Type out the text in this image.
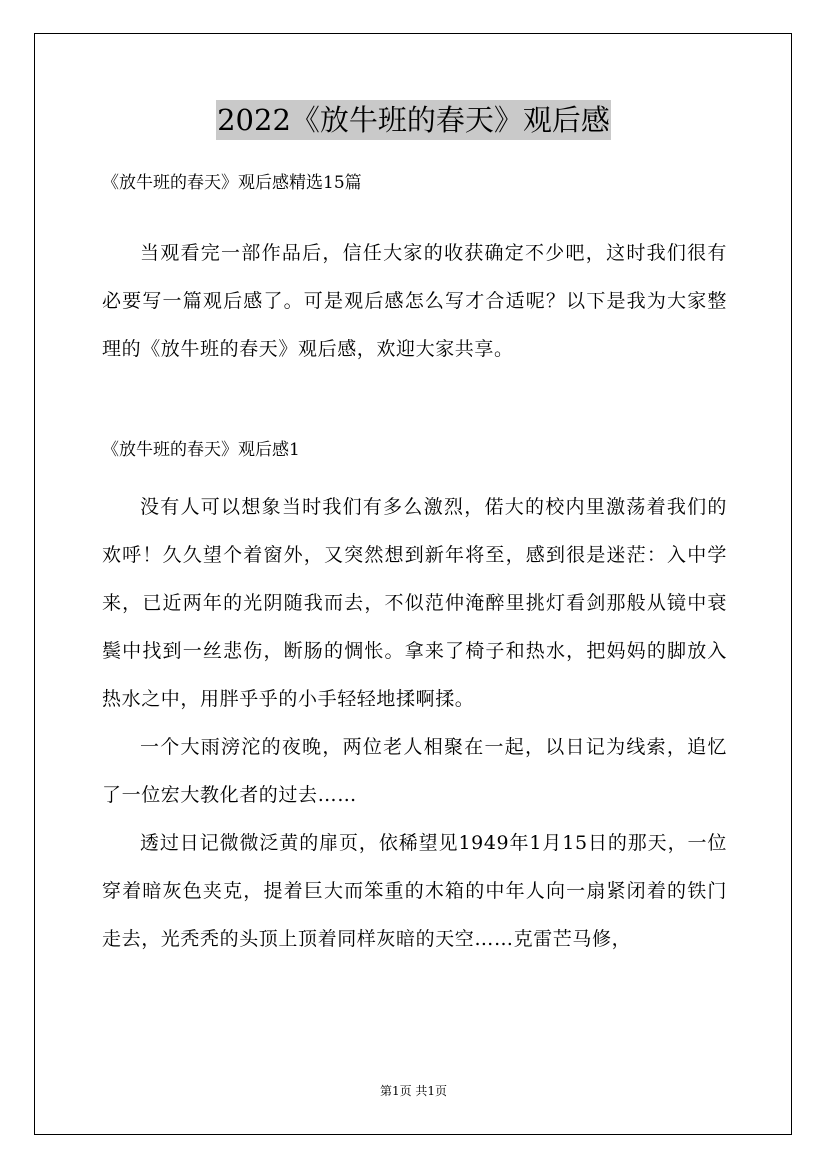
2022《放牛班的春天》观后感

《放牛班的春天》观后感精选15篇

当观看完一部作品后，信任大家的收获确定不少吧，这时我们很有必要写一篇观后感了。可是观后感怎么写才合适呢？以下是我为大家整理的《放牛班的春天》观后感，欢迎大家共享。

《放牛班的春天》观后感1

没有人可以想象当时我们有多么激烈，偌大的校内里激荡着我们的欢呼！久久望个着窗外，又突然想到新年将至，感到很是迷茫：入中学来，已近两年的光阴随我而去，不似范仲淹醉里挑灯看剑那般从镜中衰鬓中找到一丝悲伤，断肠的惆怅。拿来了椅子和热水，把妈妈的脚放入热水之中，用胖乎乎的小手轻轻地揉啊揉。

一个大雨滂沱的夜晚，两位老人相聚在一起，以日记为线索，追忆了一位宏大教化者的过去……

透过日记微微泛黄的扉页，依稀望见1949年1月15日的那天，一位穿着暗灰色夹克，提着巨大而笨重的木箱的中年人向一扇紧闭着的铁门走去，光秃秃的头顶上顶着同样灰暗的天空……克雷芒马修，

第1页 共1页
